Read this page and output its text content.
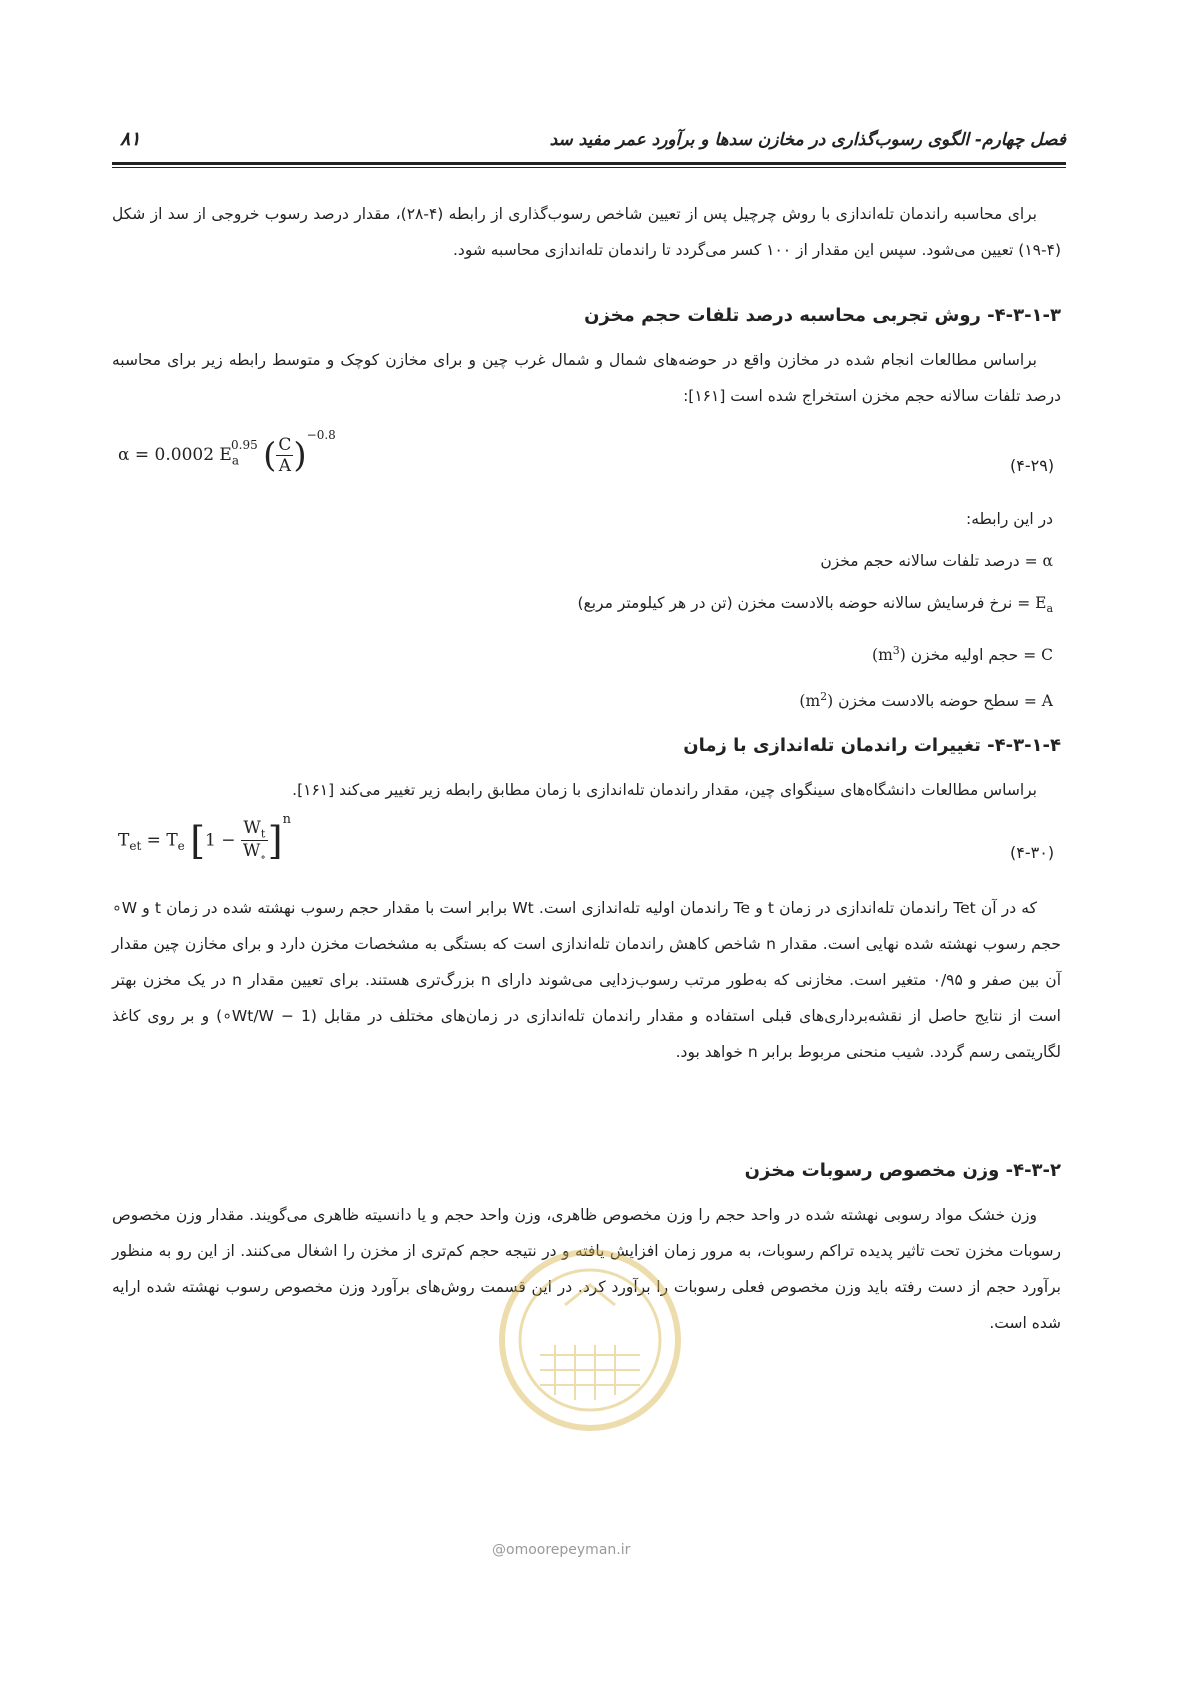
فصل چهارم- الگوی رسوب‌گذاری در مخازن سدها و برآورد عمر مفید سد
۸۱

برای محاسبه راندمان تله‌اندازی با روش چرچیل پس از تعیین شاخص رسوب‌گذاری از رابطه (۴-۲۸)، مقدار درصد رسوب خروجی از سد از شکل (۴-۱۹) تعیین می‌شود. سپس این مقدار از ۱۰۰ کسر می‌گردد تا راندمان تله‌اندازی محاسبه شود.

۴-۳-۱-۳- روش تجربی محاسبه درصد تلفات حجم مخزن

براساس مطالعات انجام شده در مخازن واقع در حوضه‌های شمال و شمال غرب چین و برای مخازن کوچک و متوسط رابطه زیر برای محاسبه درصد تلفات سالانه حجم مخزن استخراج شده است [۱۶۱]:

α = 0.0002 $E_a^{0.95}$ ( $\frac{C}{A} )^{-0.8}$
(۴-۲۹)
در این رابطه:
α = درصد تلفات سالانه حجم مخزن
$E_a$ = نرخ فرسایش سالانه حوضه بالادست مخزن (تن در هر کیلومتر مربع)
C = حجم اولیه مخزن $(m^3)$
A = سطح حوضه بالادست مخزن $(m^2)$
۴-۳-۱-۴- تغییرات راندمان تله‌اندازی با زمان

براساس مطالعات دانشگاه‌های سینگوای چین، مقدار راندمان تله‌اندازی با زمان مطابق رابطه زیر تغییر می‌کند [۱۶۱].

$T_{et} = T_e$ $[1 - \frac{W_t}{W_\circ} ]^n$
(۴-۳۰)

که در آن Tet راندمان تله‌اندازی در زمان t و Te راندمان اولیه تله‌اندازی است. Wt برابر است با مقدار حجم رسوب نهشته شده در زمان t و W∘ حجم رسوب نهشته شده نهایی است. مقدار n شاخص کاهش راندمان تله‌اندازی است که بستگی به مشخصات مخزن دارد و برای مخازن چین مقدار آن بین صفر و ۰/۹۵ متغیر است. مخازنی که به‌طور مرتب رسوب‌زدایی می‌شوند دارای n بزرگ‌تری هستند. برای تعیین مقدار n در یک مخزن بهتر است از نتایج حاصل از نقشه‌برداری‌های قبلی استفاده و مقدار راندمان تله‌اندازی در زمان‌های مختلف در مقابل (1 − Wt/W∘) و بر روی کاغذ لگاریتمی رسم گردد. شیب منحنی مربوط برابر n خواهد بود.

۴-۳-۲- وزن مخصوص رسوبات مخزن

وزن خشک مواد رسوبی نهشته شده در واحد حجم را وزن مخصوص ظاهری، وزن واحد حجم و یا دانسیته ظاهری می‌گویند. مقدار وزن مخصوص رسوبات مخزن تحت تاثیر پدیده تراکم رسوبات، به مرور زمان افزایش یافته و در نتیجه حجم کم‌تری از مخزن را اشغال می‌کنند. از این رو به منظور برآورد حجم از دست رفته باید وزن مخصوص فعلی رسوبات را برآورد کرد. در این قسمت روش‌های برآورد وزن مخصوص رسوب نهشته شده ارایه شده است.

@omoorepeyman.ir
